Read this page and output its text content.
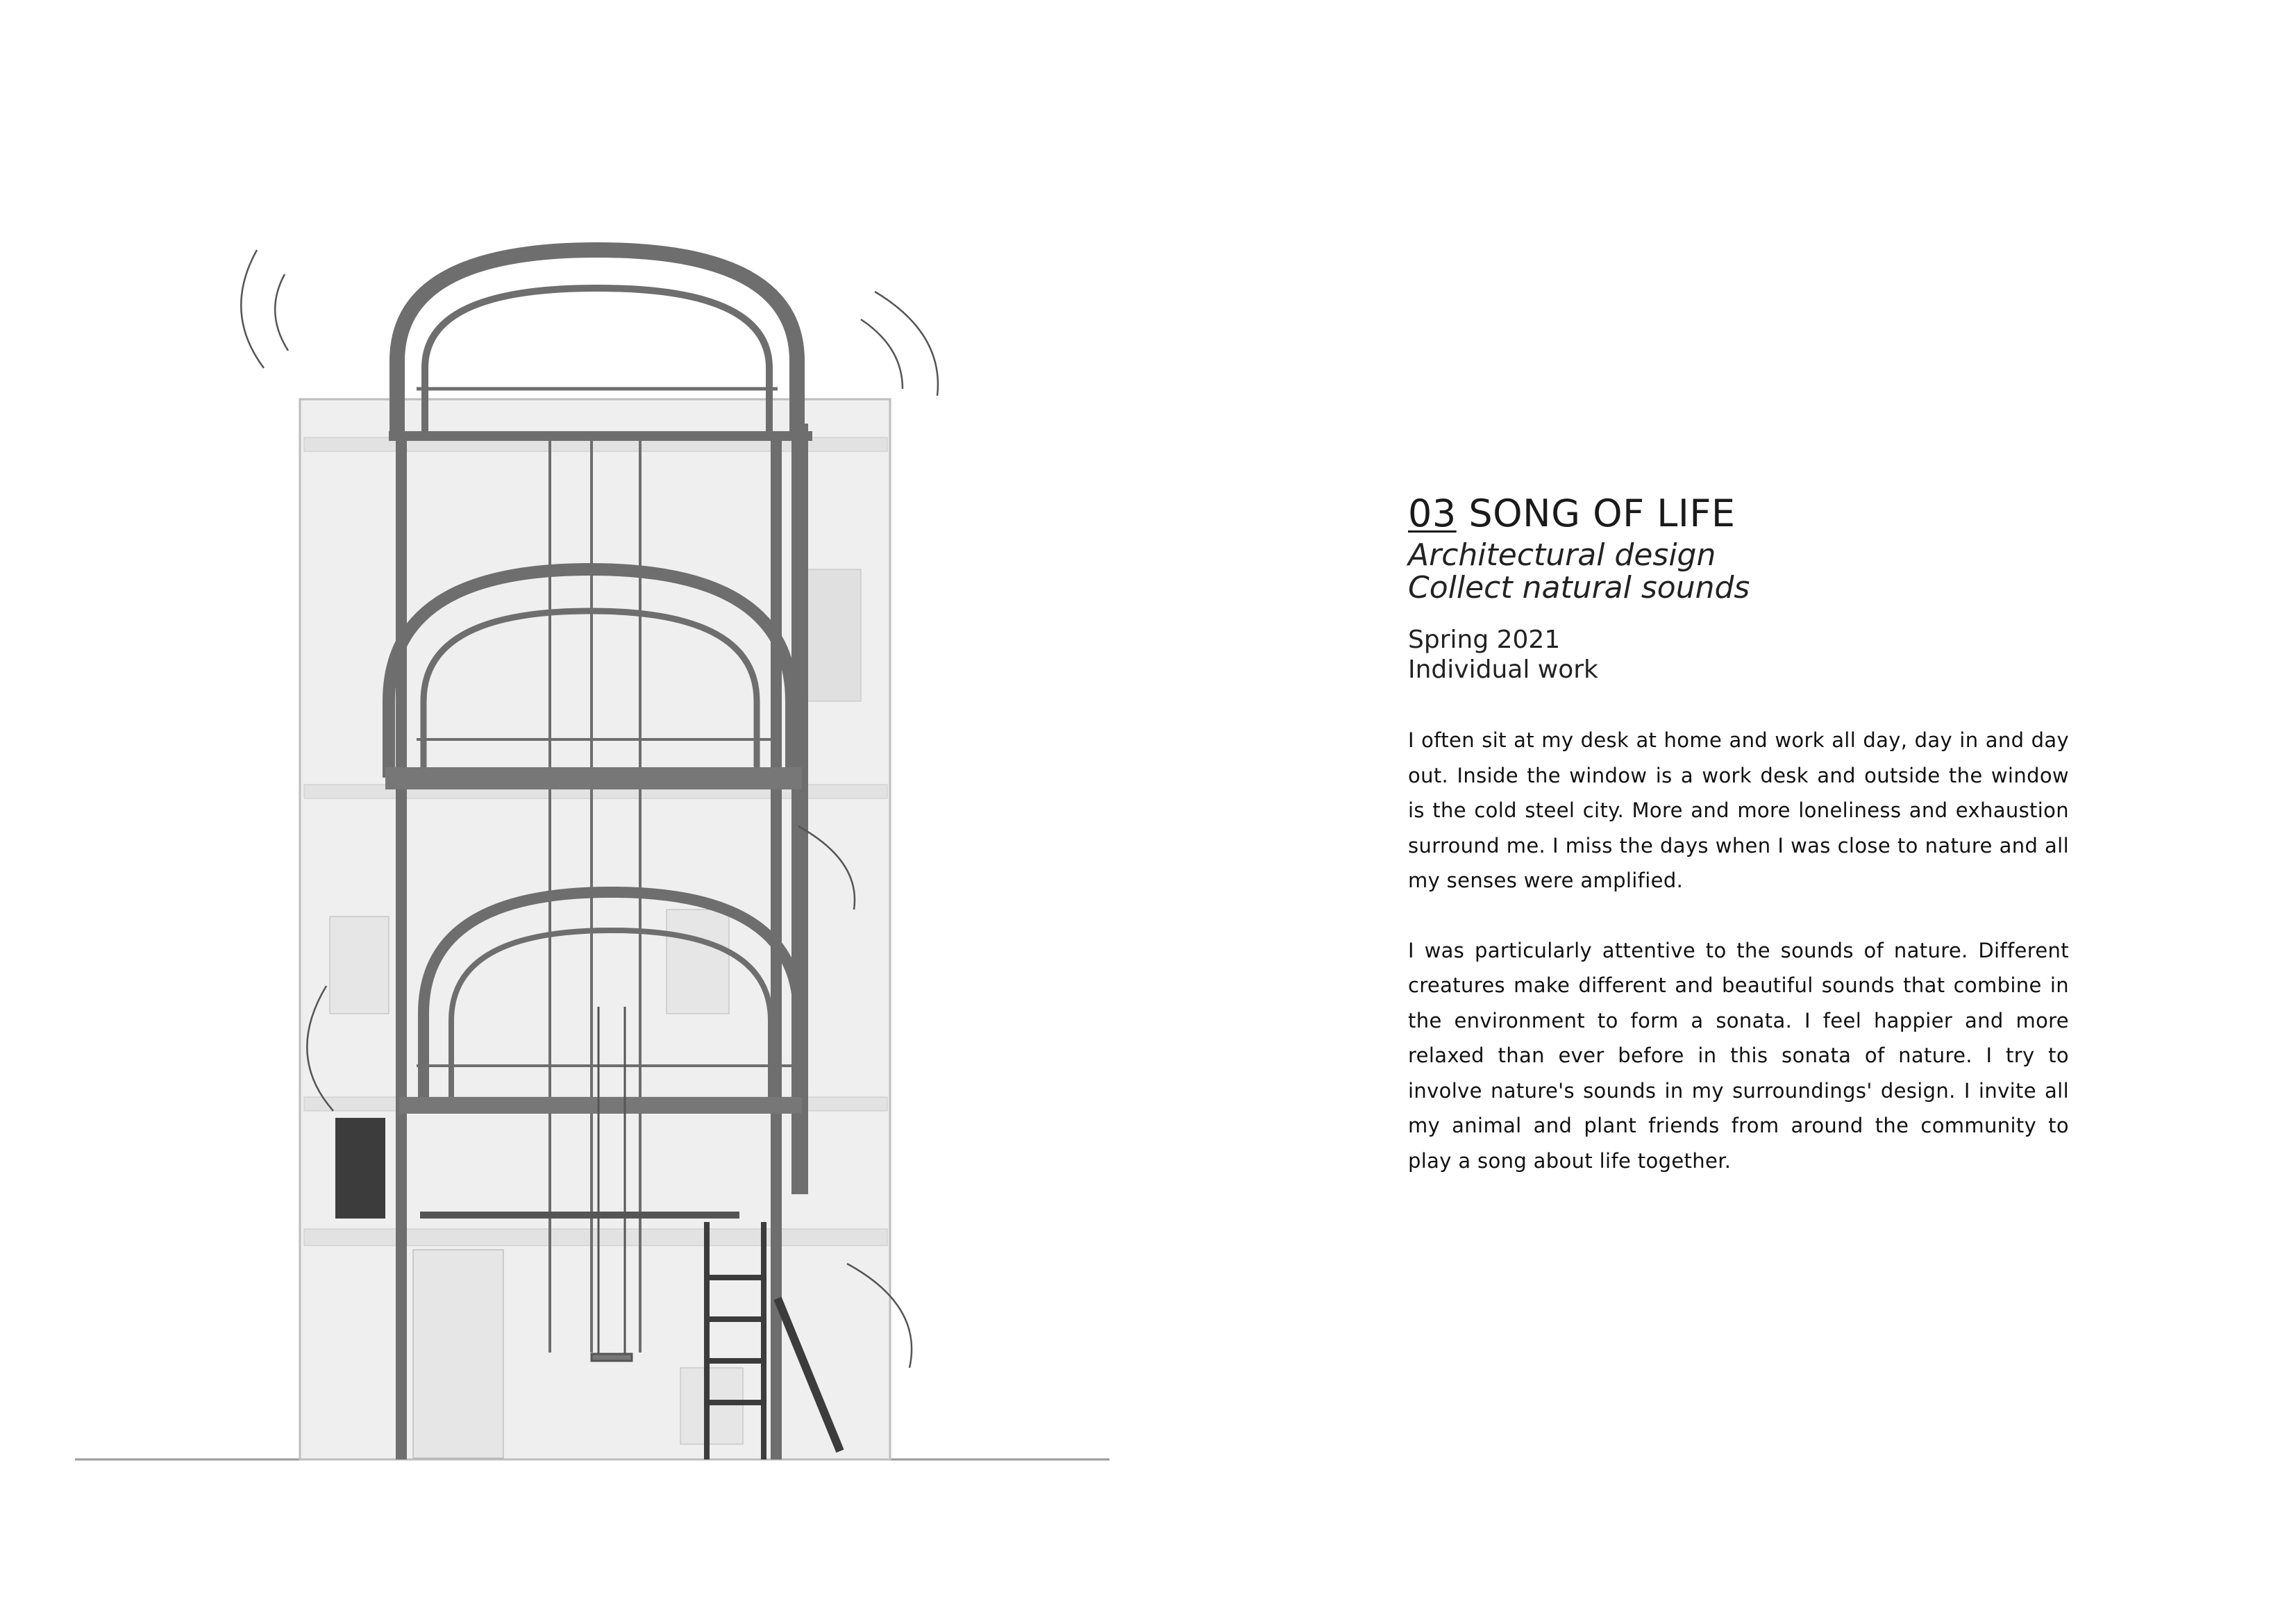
03 SONG OF LIFE

Architectural design

Collect natural sounds

Spring 2021
Individual work

I often sit at my desk at home and work all day, day in and day out. Inside the window is a work desk and outside the window is the cold steel city. More and more loneliness and exhaustion surround me. I miss the days when I was close to nature and all my senses were amplified.

I was particularly attentive to the sounds of nature. Different creatures make different and beautiful sounds that combine in the environment to form a sonata. I feel happier and more relaxed than ever before in this sonata of nature. I try to involve nature's sounds in my surroundings' design. I invite all my animal and plant friends from around the community to play a song about life together.
